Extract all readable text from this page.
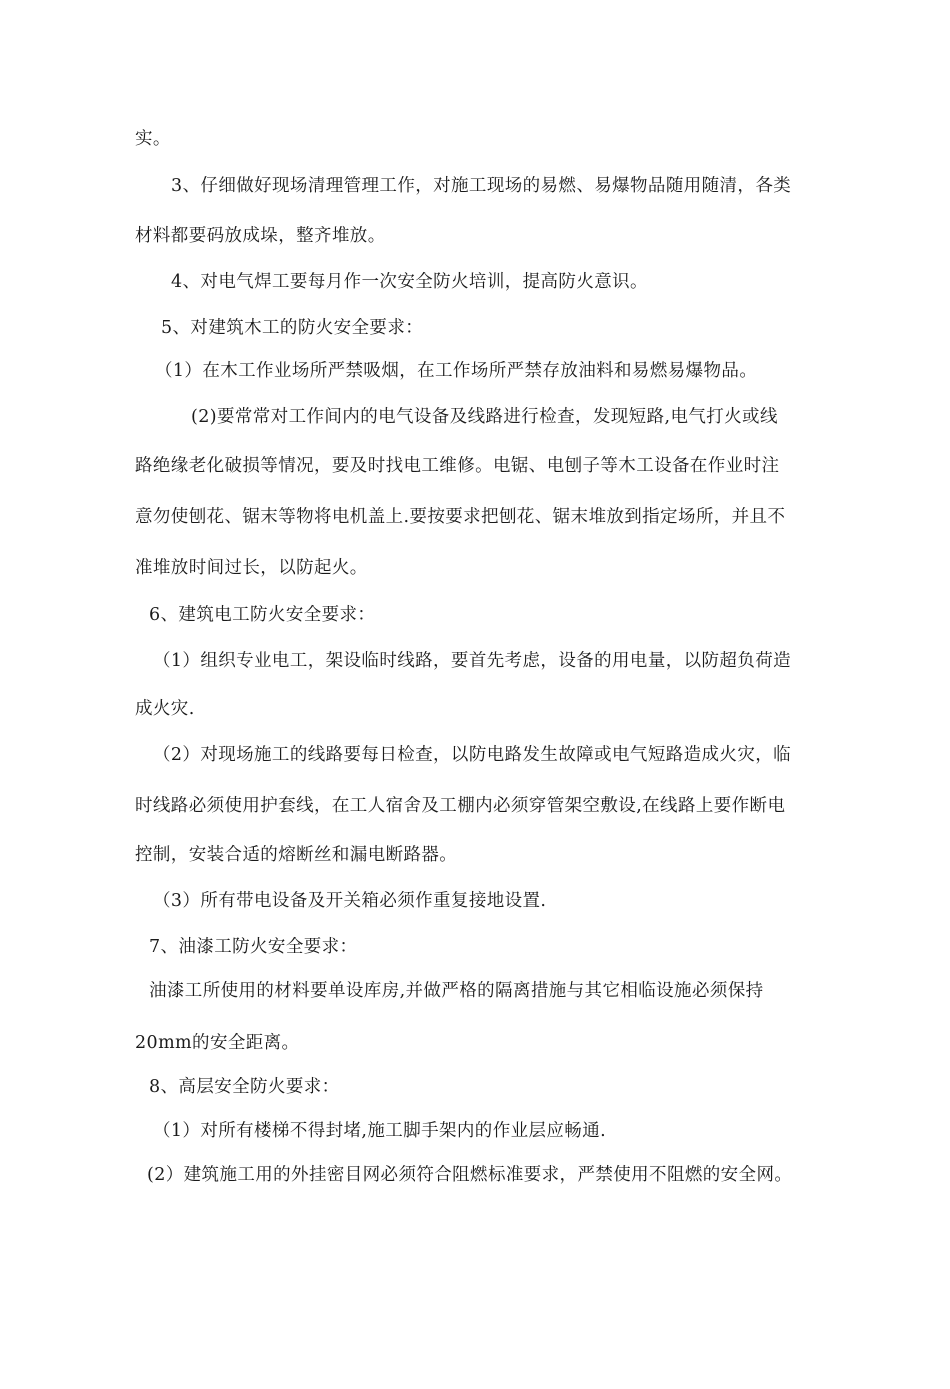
实。
3、仔细做好现场清理管理工作，对施工现场的易燃、易爆物品随用随清，各类
材料都要码放成垛，整齐堆放。
4、对电气焊工要每月作一次安全防火培训，提高防火意识。
5、对建筑木工的防火安全要求：
（1）在木工作业场所严禁吸烟，在工作场所严禁存放油料和易燃易爆物品。
(2)要常常对工作间内的电气设备及线路进行检查，发现短路,电气打火或线
路绝缘老化破损等情况，要及时找电工维修。电锯、电刨子等木工设备在作业时注
意勿使刨花、锯末等物将电机盖上.要按要求把刨花、锯末堆放到指定场所，并且不
准堆放时间过长，以防起火。
6、建筑电工防火安全要求：
（1）组织专业电工，架设临时线路，要首先考虑，设备的用电量，以防超负荷造
成火灾.
（2）对现场施工的线路要每日检查，以防电路发生故障或电气短路造成火灾，临
时线路必须使用护套线，在工人宿舍及工棚内必须穿管架空敷设,在线路上要作断电
控制，安装合适的熔断丝和漏电断路器。
（3）所有带电设备及开关箱必须作重复接地设置.
7、油漆工防火安全要求：
油漆工所使用的材料要单设库房,并做严格的隔离措施与其它相临设施必须保持
20mm的安全距离。
8、高层安全防火要求：
（1）对所有楼梯不得封堵,施工脚手架内的作业层应畅通.
(2）建筑施工用的外挂密目网必须符合阻燃标准要求，严禁使用不阻燃的安全网。
